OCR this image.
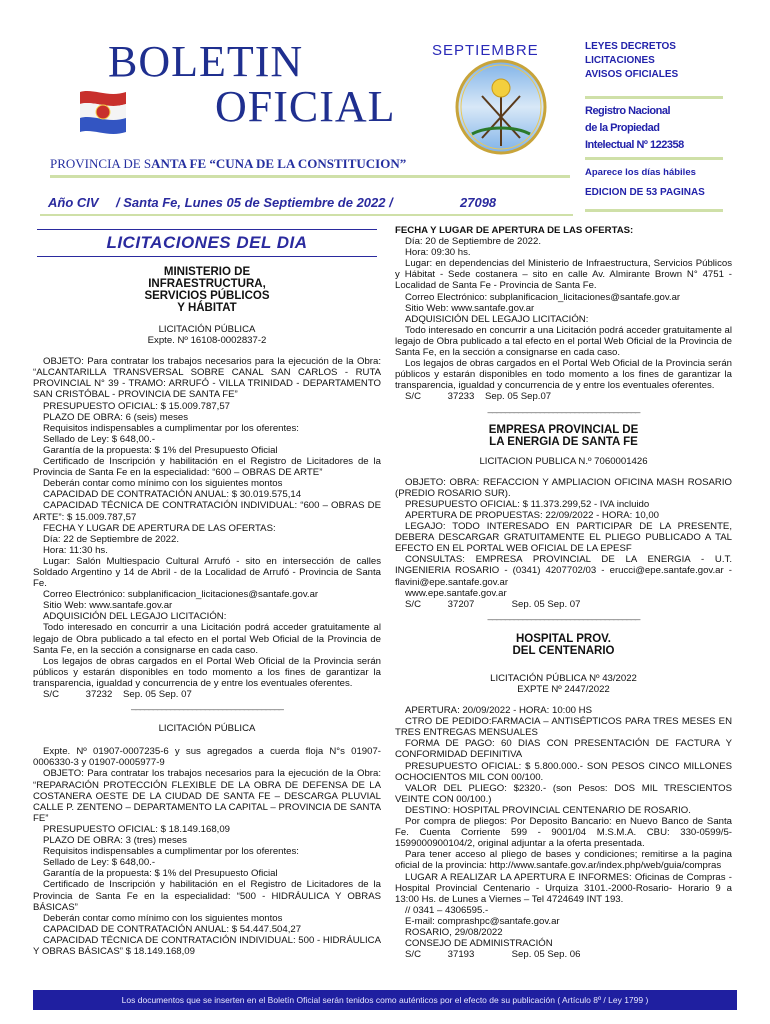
BOLETIN
OFICIAL
SEPTIEMBRE	LEYES DECRETOS
LICITACIONES
AVISOS OFICIALES
Registro Nacional
de la Propiedad
Intelectual Nº 122358
Aparece los días hábiles
EDICION DE 53 PAGINAS
PROVINCIA DE SANTA FE “CUNA DE LA CONSTITUCION”
Año CIV / Santa Fe, Lunes 05 de Septiembre de 2022 /	27098
LICITACIONES DEL DIA
MINISTERIO DE
INFRAESTRUCTURA,
SERVICIOS PÚBLICOS
Y HÁBITAT

LICITACIÓN PÚBLICA

Expte. Nº 16108-0002837-2

OBJETO: Para contratar los trabajos necesarios para la ejecución de la Obra: “ALCANTARILLA TRANSVERSAL SOBRE CANAL SAN CARLOS - RUTA PROVINCIAL N° 39 - TRAMO: ARRUFÓ - VILLA TRINIDAD - DEPARTAMENTO SAN CRISTÓBAL - PROVINCIA DE SANTA FE”

PRESUPUESTO OFICIAL: $ 15.009.787,57

PLAZO DE OBRA: 6 (seis) meses

Requisitos indispensables a cumplimentar por los oferentes:

Sellado de Ley: $ 648,00.-

Garantía de la propuesta: $ 1% del Presupuesto Oficial

Certificado de Inscripción y habilitación en el Registro de Licitadores de la Provincia de Santa Fe en la especialidad: “600 – OBRAS DE ARTE”

Deberán contar como mínimo con los siguientes montos

CAPACIDAD DE CONTRATACIÓN ANUAL: $ 30.019.575,14

CAPACIDAD TÉCNICA DE CONTRATACIÓN INDIVIDUAL: “600 – OBRAS DE ARTE”: $ 15.009.787,57

FECHA Y LUGAR DE APERTURA DE LAS OFERTAS:

Día: 22 de Septiembre de 2022.

Hora: 11:30 hs.

Lugar: Salón Multiespacio Cultural Arrufó - sito en intersección de calles Soldado Argentino y 14 de Abril - de la Localidad de Arrufó - Provincia de Santa Fe.

Correo Electrónico: subplanificacion_licitaciones@santafe.gov.ar

Sitio Web: www.santafe.gov.ar

ADQUISICIÓN DEL LEGAJO LICITACIÓN:

Todo interesado en concurrir a una Licitación podrá acceder gratuitamente al legajo de Obra publicado a tal efecto en el portal Web Oficial de la Provincia de Santa Fe, en la sección a consignarse en cada caso.

Los legajos de obras cargados en el Portal Web Oficial de la Provincia serán públicos y estarán disponibles en todo momento a los fines de garantizar la transparencia, igualdad y concurrencia de y entre los eventuales oferentes.

S/C          37232    Sep. 05 Sep. 07

___________________________________

LICITACIÓN PÚBLICA

Expte. Nº 01907-0007235-6 y sus agregados a cuerda floja N°s 01907-0006330-3 y 01907-0005977-9

OBJETO: Para contratar los trabajos necesarios para la ejecución de la Obra: “REPARACIÓN PROTECCIÓN FLEXIBLE DE LA OBRA DE DEFENSA DE LA COSTANERA OESTE DE LA CIUDAD DE SANTA FE – DESCARGA PLUVIAL CALLE P. ZENTENO – DEPARTAMENTO LA CAPITAL – PROVINCIA DE SANTA FE”

PRESUPUESTO OFICIAL: $ 18.149.168,09

PLAZO DE OBRA: 3 (tres) meses

Requisitos indispensables a cumplimentar por los oferentes:

Sellado de Ley: $ 648,00.-

Garantía de la propuesta: $ 1% del Presupuesto Oficial

Certificado de Inscripción y habilitación en el Registro de Licitadores de la Provincia de Santa Fe en la especialidad: “500 - HIDRÁULICA Y OBRAS BÁSICAS”

Deberán contar como mínimo con los siguientes montos

CAPACIDAD DE CONTRATACIÓN ANUAL: $ 54.447.504,27

CAPACIDAD TÉCNICA DE CONTRATACIÓN INDIVIDUAL: 500 - HIDRÁULICA Y OBRAS BÁSICAS” $ 18.149.168,09

FECHA Y LUGAR DE APERTURA DE LAS OFERTAS:

Día: 20 de Septiembre de 2022.

Hora: 09:30 hs.

Lugar: en dependencias del Ministerio de Infraestructura, Servicios Públicos y Hábitat - Sede costanera – sito en calle Av. Almirante Brown N° 4751 - Localidad de Santa Fe - Provincia de Santa Fe.

Correo Electrónico: subplanificacion_licitaciones@santafe.gov.ar

Sitio Web: www.santafe.gov.ar

ADQUISICIÓN DEL LEGAJO LICITACIÓN:

Todo interesado en concurrir a una Licitación podrá acceder gratuitamente al legajo de Obra publicado a tal efecto en el portal Web Oficial de la Provincia de Santa Fe, en la sección a consignarse en cada caso.

Los legajos de obras cargados en el Portal Web Oficial de la Provincia serán públicos y estarán disponibles en todo momento a los fines de garantizar la transparencia, igualdad y concurrencia de y entre los eventuales oferentes.

S/C          37233    Sep. 05 Sep.07

___________________________________
EMPRESA PROVINCIAL DE
LA ENERGIA DE SANTA FE

LICITACION PUBLICA N.º 7060001426

OBJETO: OBRA: REFACCION Y AMPLIACION OFICINA MASH ROSARIO (PREDIO ROSARIO SUR).

PRESUPUESTO OFICIAL: $ 11.373.299,52 - IVA incluido

APERTURA DE PROPUESTAS: 22/09/2022 - HORA: 10,00

LEGAJO: TODO INTERESADO EN PARTICIPAR DE LA PRESENTE, DEBERA DESCARGAR GRATUITAMENTE EL PLIEGO PUBLICADO A TAL EFECTO EN EL PORTAL WEB OFICIAL DE LA EPESF

CONSULTAS: EMPRESA PROVINCIAL DE LA ENERGIA - U.T. INGENIERIA ROSARIO - (0341) 4207702/03 - erucci@epe.santafe.gov.ar - flavini@epe.santafe.gov.ar

www.epe.santafe.gov.ar

S/C          37207              Sep. 05 Sep. 07

___________________________________
HOSPITAL PROV.
DEL CENTENARIO

LICITACIÓN PÚBLICA Nº 43/2022

EXPTE Nº 2447/2022

APERTURA: 20/09/2022 - HORA: 10:00 HS

CTRO DE PEDIDO:FARMACIA – ANTISÉPTICOS PARA TRES MESES EN TRES ENTREGAS MENSUALES

FORMA DE PAGO: 60 DIAS CON PRESENTACIÓN DE FACTURA Y CONFORMIDAD DEFINITIVA

PRESUPUESTO OFICIAL: $ 5.800.000.- SON PESOS CINCO MILLONES OCHOCIENTOS MIL CON 00/100.

VALOR DEL PLIEGO: $2320.- (son Pesos: DOS MIL TRESCIENTOS VEINTE CON 00/100.)

DESTINO: HOSPITAL PROVINCIAL CENTENARIO DE ROSARIO.

Por compra de pliegos: Por Deposito Bancario: en Nuevo Banco de Santa Fe. Cuenta Corriente 599 - 9001/04 M.S.M.A. CBU: 330-0599/5-1599000900104/2, original adjuntar a la oferta presentada.

Para tener acceso al pliego de bases y condiciones; remitirse a la pagina oficial de la provincia: http://www.santafe.gov.ar/index.php/web/guia/compras

LUGAR A REALIZAR LA APERTURA E INFORMES: Oficinas de Compras -Hospital Provincial Centenario - Urquiza 3101.-2000-Rosario- Horario 9 a 13:00 Hs. de Lunes a Viernes – Tel 4724649 INT 193.

// 0341 – 4306595.-

E-mail: comprashpc@santafe.gov.ar

ROSARIO, 29/08/2022

CONSEJO DE ADMINISTRACIÓN

S/C          37193              Sep. 05 Sep. 06

Los documentos que se inserten en el Boletín Oficial serán tenidos como auténticos por el efecto de su publicación ( Artículo 8º / Ley 1799 )
